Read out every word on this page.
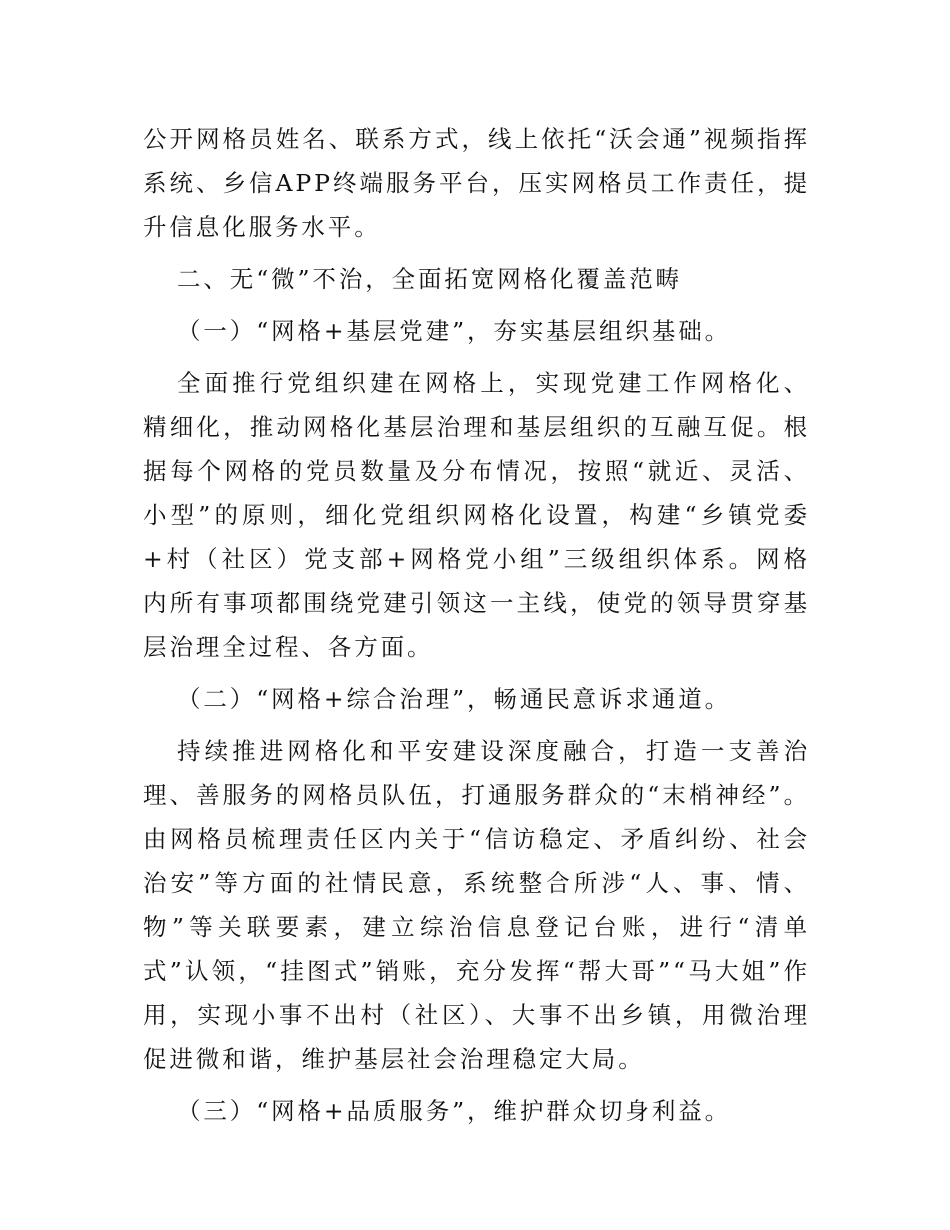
公开网格员姓名、联系方式，线上依托“沃会通”视频指挥系统、乡信APP终端服务平台，压实网格员工作责任，提升信息化服务水平。

二、无“微”不治，全面拓宽网格化覆盖范畴

（一）“网格+基层党建”，夯实基层组织基础。

全面推行党组织建在网格上，实现党建工作网格化、精细化，推动网格化基层治理和基层组织的互融互促。根据每个网格的党员数量及分布情况，按照“就近、灵活、小型”的原则，细化党组织网格化设置，构建“乡镇党委+村（社区）党支部+网格党小组”三级组织体系。网格内所有事项都围绕党建引领这一主线，使党的领导贯穿基层治理全过程、各方面。

（二）“网格+综合治理”，畅通民意诉求通道。

持续推进网格化和平安建设深度融合，打造一支善治理、善服务的网格员队伍，打通服务群众的“末梢神经”。由网格员梳理责任区内关于“信访稳定、矛盾纠纷、社会治安”等方面的社情民意，系统整合所涉“人、事、情、物”等关联要素，建立综治信息登记台账，进行“清单式”认领，“挂图式”销账，充分发挥“帮大哥”“马大姐”作用，实现小事不出村（社区）、大事不出乡镇，用微治理促进微和谐，维护基层社会治理稳定大局。

（三）“网格+品质服务”，维护群众切身利益。
